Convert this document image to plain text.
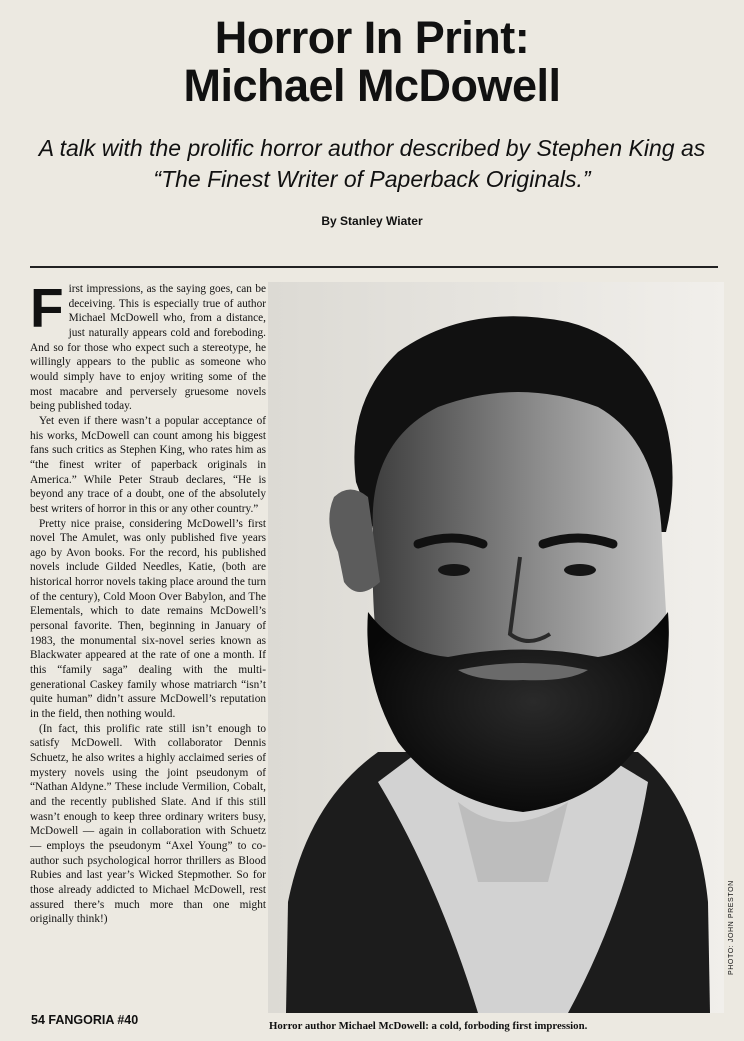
Horror In Print:
Michael McDowell

A talk with the prolific horror author described by Stephen King as
“The Finest Writer of Paperback Originals.”

By Stanley Wiater

First impressions, as the saying goes, can be deceiving. This is especially true of author Michael McDowell who, from a distance, just naturally appears cold and foreboding. And so for those who expect such a stereotype, he willingly appears to the public as someone who would simply have to enjoy writing some of the most macabre and perversely gruesome novels being published today.

Yet even if there wasn’t a popular acceptance of his works, McDowell can count among his biggest fans such critics as Stephen King, who rates him as “the finest writer of paperback originals in America.” While Peter Straub declares, “He is beyond any trace of a doubt, one of the absolutely best writers of horror in this or any other country.”

Pretty nice praise, considering McDowell’s first novel The Amulet, was only published five years ago by Avon books. For the record, his published novels include Gilded Needles, Katie, (both are historical horror novels taking place around the turn of the century), Cold Moon Over Babylon, and The Elementals, which to date remains McDowell’s personal favorite. Then, beginning in January of 1983, the monumental six-novel series known as Blackwater appeared at the rate of one a month. If this “family saga” dealing with the multi-generational Caskey family whose matriarch “isn’t quite human” didn’t assure McDowell’s reputation in the field, then nothing would.

(In fact, this prolific rate still isn’t enough to satisfy McDowell. With collaborator Dennis Schuetz, he also writes a highly acclaimed series of mystery novels using the joint pseudonym of “Nathan Aldyne.” These include Vermilion, Cobalt, and the recently published Slate. And if this still wasn’t enough to keep three ordinary writers busy, McDowell — again in collaboration with Schuetz — employs the pseudonym “Axel Young” to co-author such psychological horror thrillers as Blood Rubies and last year’s Wicked Stepmother. So for those already addicted to Michael McDowell, rest assured there’s much more than one might originally think!)	PHOTO: JOHN PRESTON

Horror author Michael McDowell: a cold, forboding first impression.

54 FANGORIA #40
